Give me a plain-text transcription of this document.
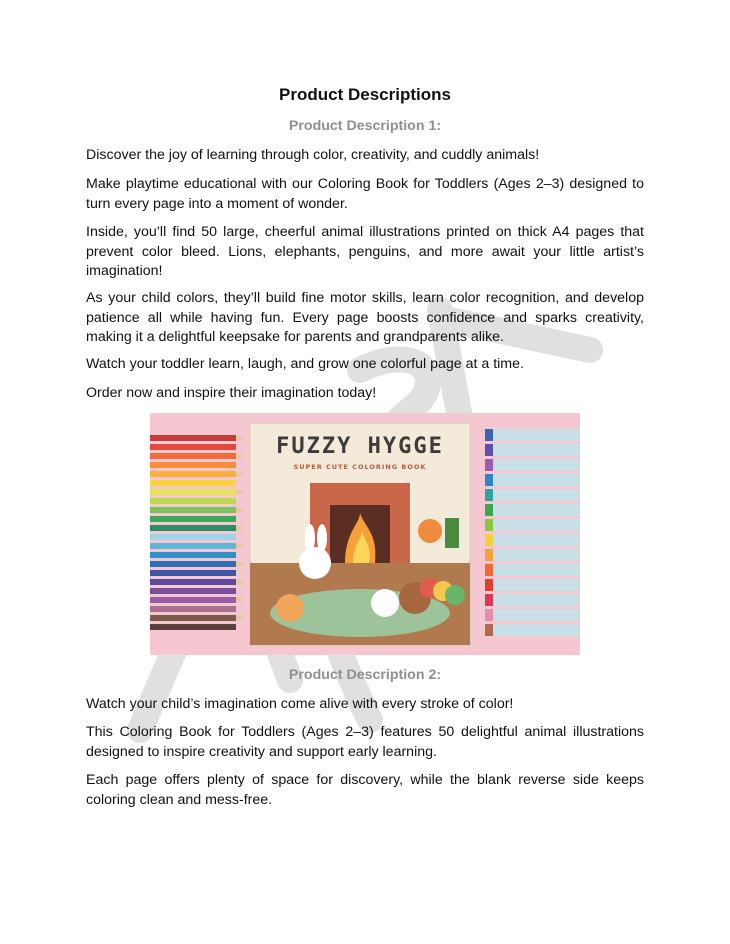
Product Descriptions
Product Description 1:

Discover the joy of learning through color, creativity, and cuddly animals!

Make playtime educational with our Coloring Book for Toddlers (Ages 2–3) designed to turn every page into a moment of wonder.

Inside, you’ll find 50 large, cheerful animal illustrations printed on thick A4 pages that prevent color bleed. Lions, elephants, penguins, and more await your little artist’s imagination!

As your child colors, they’ll build fine motor skills, learn color recognition, and develop patience all while having fun. Every page boosts confidence and sparks creativity, making it a delightful keepsake for parents and grandparents alike.

Watch your toddler learn, laugh, and grow one colorful page at a time.

Order now and inspire their imagination today!

Product Description 2:

Watch your child’s imagination come alive with every stroke of color!

This Coloring Book for Toddlers (Ages 2–3) features 50 delightful animal illustrations designed to inspire creativity and support early learning.

Each page offers plenty of space for discovery, while the blank reverse side keeps coloring clean and mess-free.

FUZZY HYGGE
SUPER CUTE COLORING BOOK
